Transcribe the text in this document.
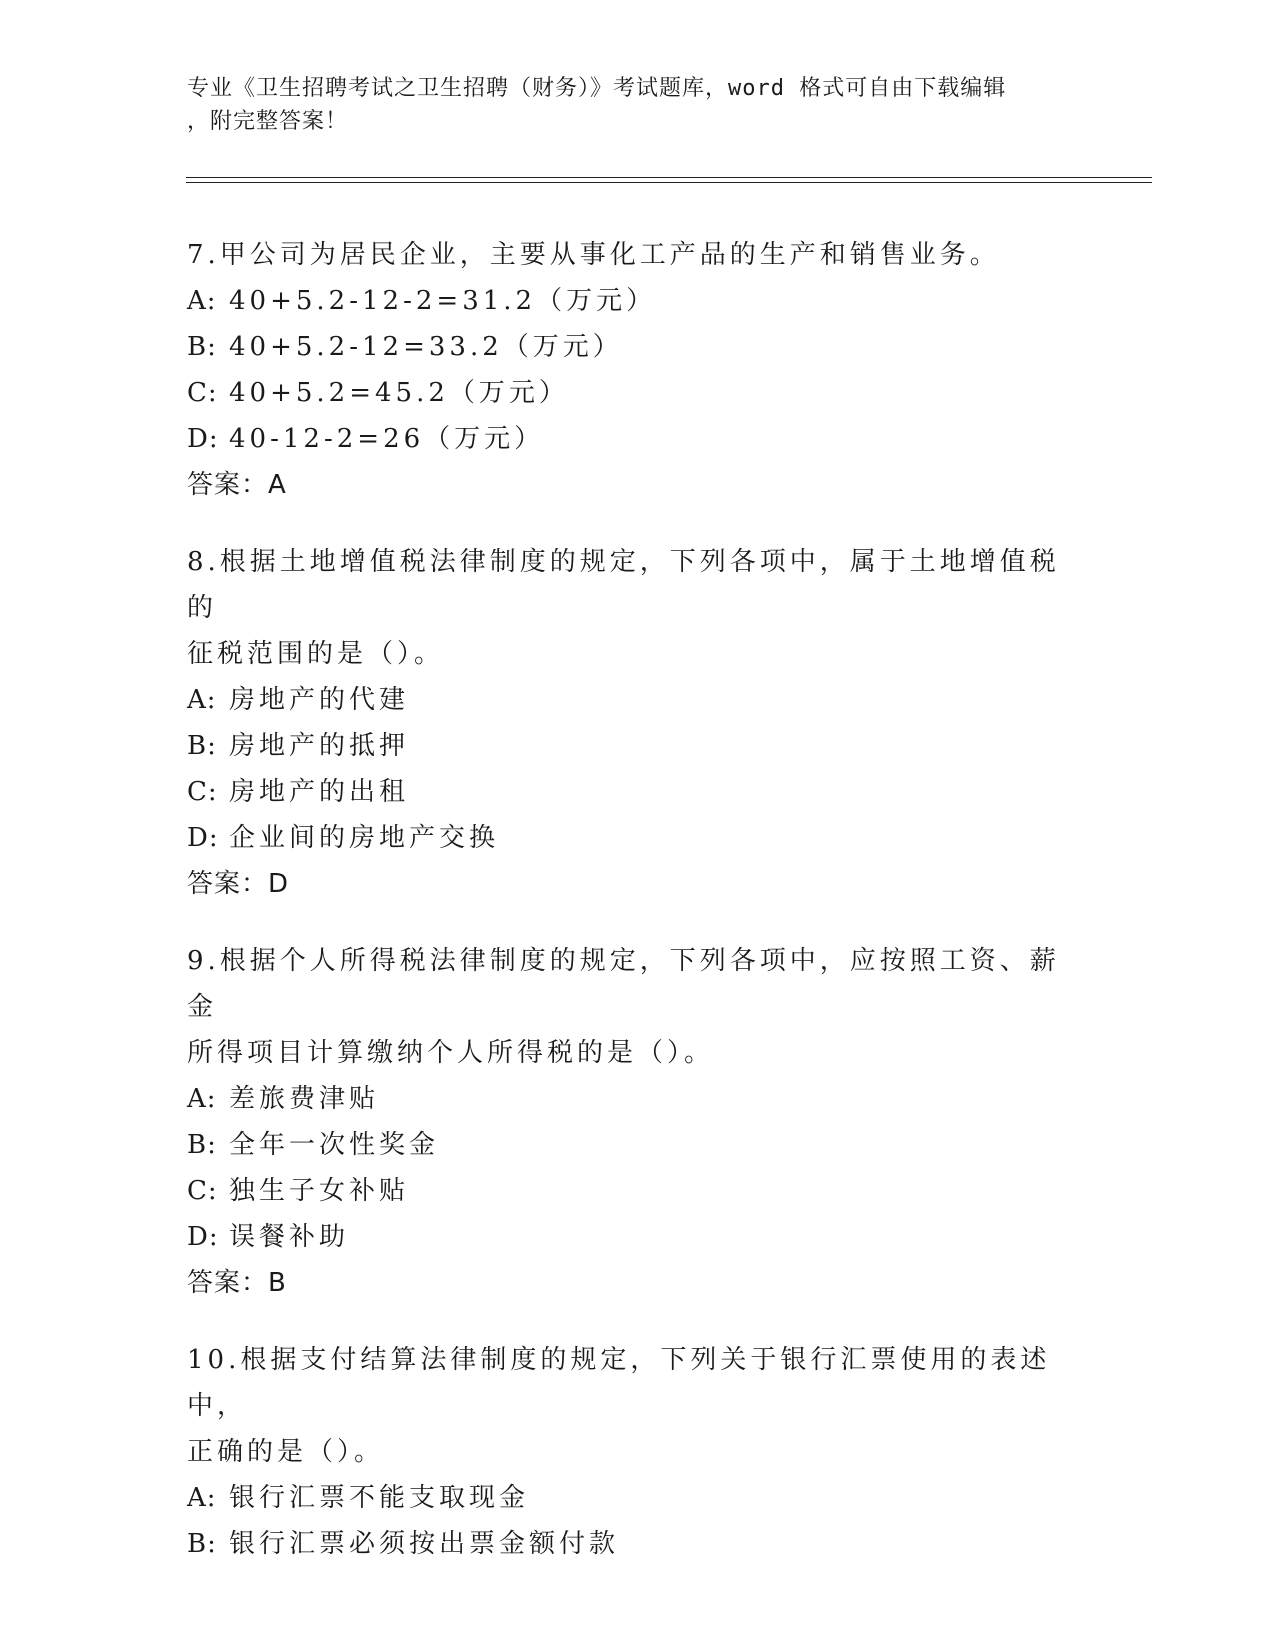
专业《卫生招聘考试之卫生招聘（财务）》考试题库，word 格式可自由下载编辑
，附完整答案！

7.甲公司为居民企业，主要从事化工产品的生产和销售业务。

A: 40+5.2-12-2=31.2（万元）

B: 40+5.2-12=33.2（万元）

C: 40+5.2=45.2（万元）

D: 40-12-2=26（万元）

答案：A

8.根据土地增值税法律制度的规定，下列各项中，属于土地增值税的

征税范围的是（）。

A: 房地产的代建

B: 房地产的抵押

C: 房地产的出租

D: 企业间的房地产交换

答案：D

9.根据个人所得税法律制度的规定，下列各项中，应按照工资、薪金

所得项目计算缴纳个人所得税的是（）。

A: 差旅费津贴

B: 全年一次性奖金

C: 独生子女补贴

D: 误餐补助

答案：B

10.根据支付结算法律制度的规定，下列关于银行汇票使用的表述中，

正确的是（）。

A: 银行汇票不能支取现金

B: 银行汇票必须按出票金额付款
